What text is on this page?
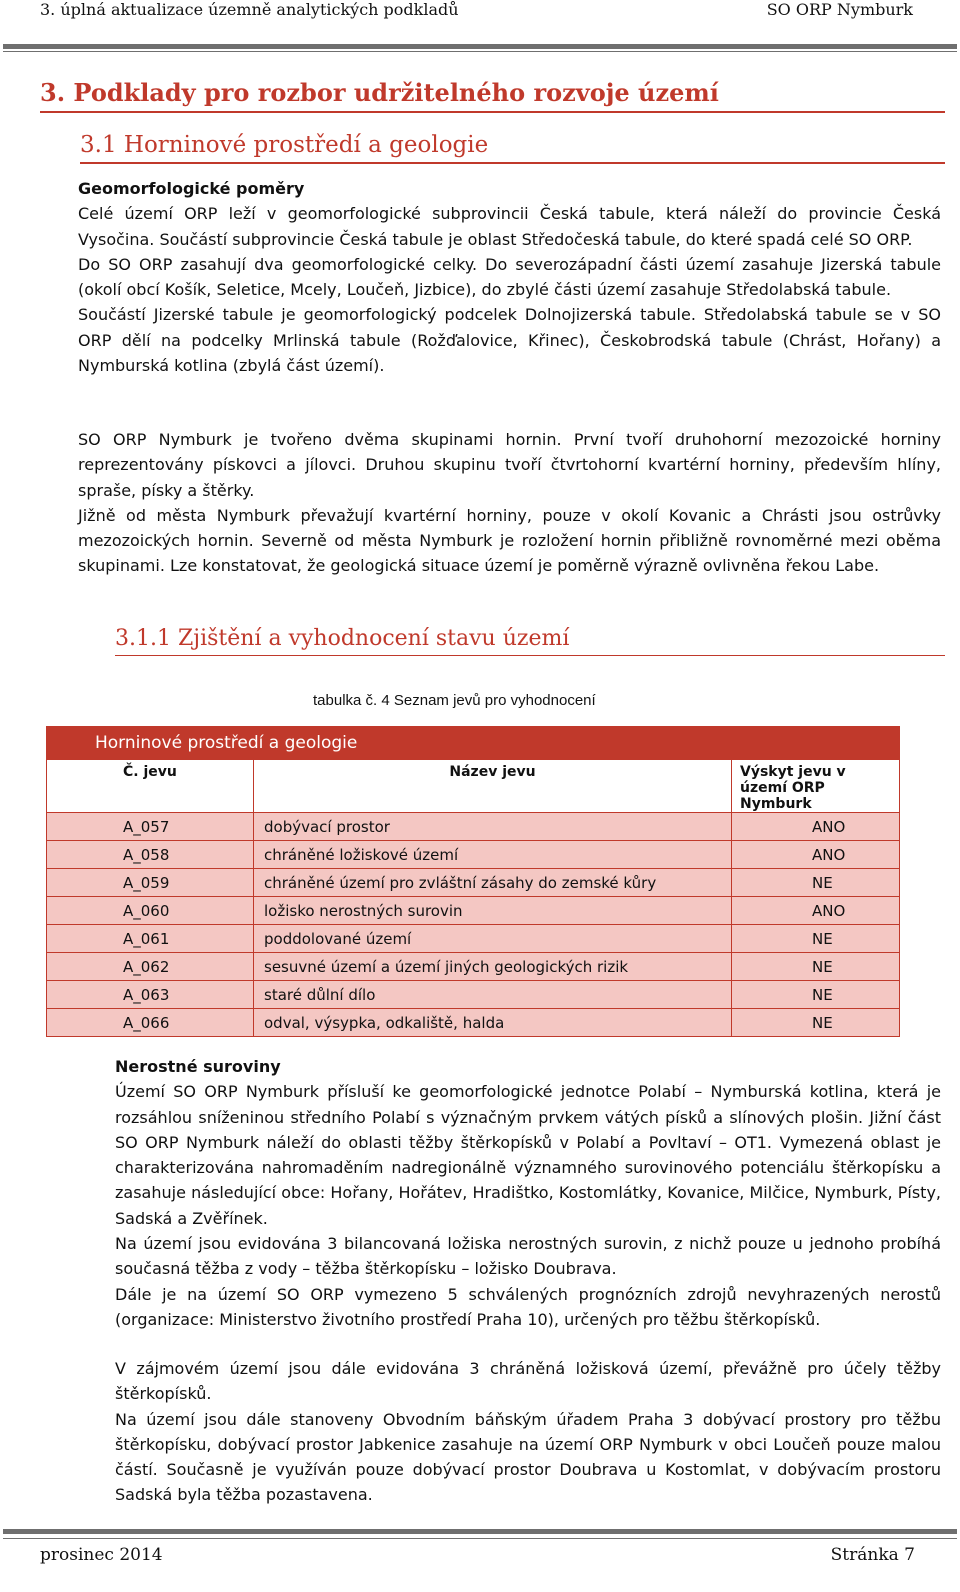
3. úplná aktualizace územně analytických podkladů	SO ORP Nymburk
3. Podklady pro rozbor udržitelného rozvoje území
3.1 Horninové prostředí a geologie
Geomorfologické poměry
Celé území ORP leží v geomorfologické subprovincii Česká tabule, která náleží do provincie Česká Vysočina. Součástí subprovincie Česká tabule je oblast Středočeská tabule, do které spadá celé SO ORP.
Do SO ORP zasahují dva geomorfologické celky. Do severozápadní části území zasahuje Jizerská tabule (okolí obcí Košík, Seletice, Mcely, Loučeň, Jizbice), do zbylé části území zasahuje Středolabská tabule.
Součástí Jizerské tabule je geomorfologický podcelek Dolnojizerská tabule. Středolabská tabule se v SO ORP dělí na podcelky Mrlinská tabule (Rožďalovice, Křinec), Českobrodská tabule (Chrást, Hořany) a Nymburská kotlina (zbylá část území).
SO ORP Nymburk je tvořeno dvěma skupinami hornin. První tvoří druhohorní mezozoické horniny reprezentovány pískovci a jílovci. Druhou skupinu tvoří čtvrtohorní kvartérní horniny, především hlíny, spraše, písky a štěrky.
Jižně od města Nymburk převažují kvartérní horniny, pouze v okolí Kovanic a Chrásti jsou ostrůvky mezozoických hornin. Severně od města Nymburk je rozložení hornin přibližně rovnoměrné mezi oběma skupinami. Lze konstatovat, že geologická situace území je poměrně výrazně ovlivněna řekou Labe.
3.1.1 Zjištění a vyhodnocení stavu území
tabulka č. 4 Seznam jevů pro vyhodnocení
Horninové prostředí a geologie		
Č. jevu	Název jevu	Výskyt jevu v území ORP Nymburk
A_057	dobývací prostor	ANO
A_058	chráněné ložiskové území	ANO
A_059	chráněné území pro zvláštní zásahy do zemské kůry	NE
A_060	ložisko nerostných surovin	ANO
A_061	poddolované území	NE
A_062	sesuvné území a území jiných geologických rizik	NE
A_063	staré důlní dílo	NE
A_066	odval, výsypka, odkaliště, halda	NE
Nerostné suroviny
Území SO ORP Nymburk přísluší ke geomorfologické jednotce Polabí – Nymburská kotlina, která je rozsáhlou sníženinou středního Polabí s význačným prvkem vátých písků a slínových plošin. Jižní část SO ORP Nymburk náleží do oblasti těžby štěrkopísků v Polabí a Povltaví – OT1. Vymezená oblast je charakterizována nahromaděním nadregionálně významného surovinového potenciálu štěrkopísku a zasahuje následující obce: Hořany, Hořátev, Hradištko, Kostomlátky, Kovanice, Milčice, Nymburk, Písty, Sadská a Zvěřínek.
Na území jsou evidována 3 bilancovaná ložiska nerostných surovin, z nichž pouze u jednoho probíhá současná těžba z vody – těžba štěrkopísku – ložisko Doubrava.
Dále je na území SO ORP vymezeno 5 schválených prognózních zdrojů nevyhrazených nerostů (organizace: Ministerstvo životního prostředí Praha 10), určených pro těžbu štěrkopísků.
V zájmovém území jsou dále evidována 3 chráněná ložisková území, převážně pro účely těžby štěrkopísků.
Na území jsou dále stanoveny Obvodním báňským úřadem Praha 3 dobývací prostory pro těžbu štěrkopísku, dobývací prostor Jabkenice zasahuje na území ORP Nymburk v obci Loučeň pouze malou částí. Současně je využíván pouze dobývací prostor Doubrava u Kostomlat, v dobývacím prostoru Sadská byla těžba pozastavena.
prosinec 2014	Stránka 7
